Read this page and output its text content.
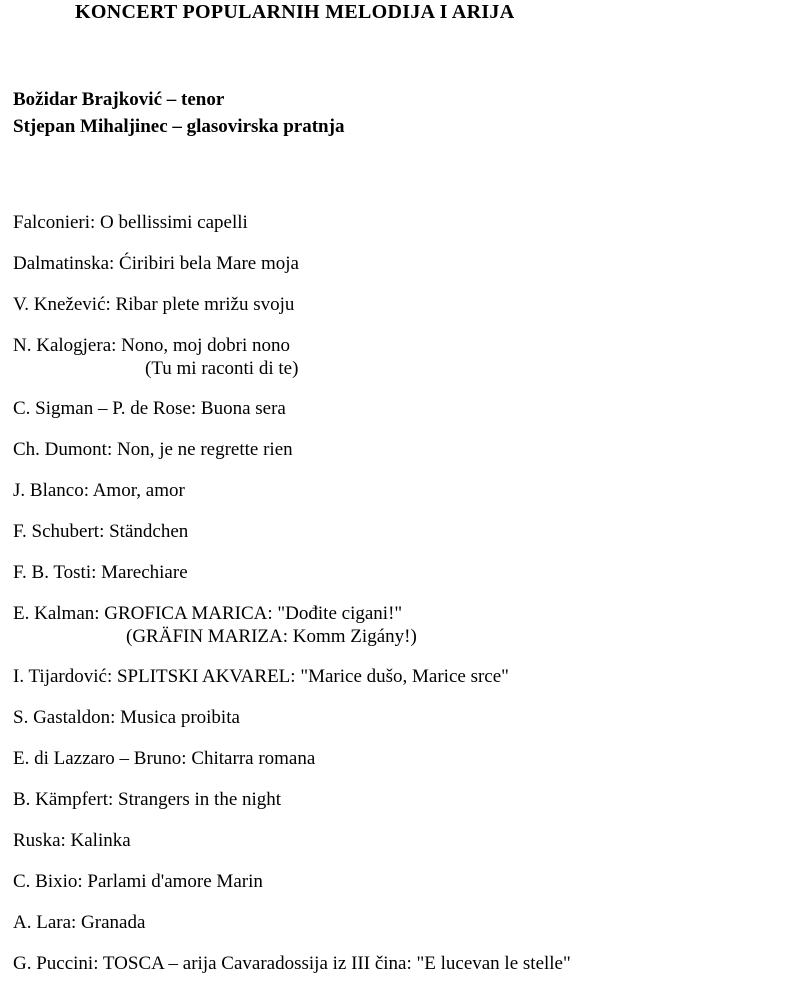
KONCERT POPULARNIH MELODIJA I ARIJA
Božidar Brajković – tenor
Stjepan Mihaljinec – glasovirska pratnja
Falconieri: O bellissimi capelli
Dalmatinska: Ćiribiri bela Mare moja
V. Knežević: Ribar plete mrižu svoju
N. Kalogjera: Nono, moj dobri nono
(Tu mi raconti di te)
C. Sigman – P. de Rose: Buona sera
Ch. Dumont: Non, je ne regrette rien
J. Blanco: Amor, amor
F. Schubert: Ständchen
F. B. Tosti: Marechiare
E. Kalman: GROFICA MARICA: "Dođite cigani!"
(GRÄFIN MARIZA: Komm Zigány!)
I. Tijardović: SPLITSKI AKVAREL: "Marice dušo, Marice srce"
S. Gastaldon: Musica proibita
E. di Lazzaro – Bruno: Chitarra romana
B. Kämpfert: Strangers in the night
Ruska: Kalinka
C. Bixio: Parlami d'amore Marin
A. Lara: Granada
G. Puccini: TOSCA – arija Cavaradossija iz III čina: "E lucevan le stelle"
